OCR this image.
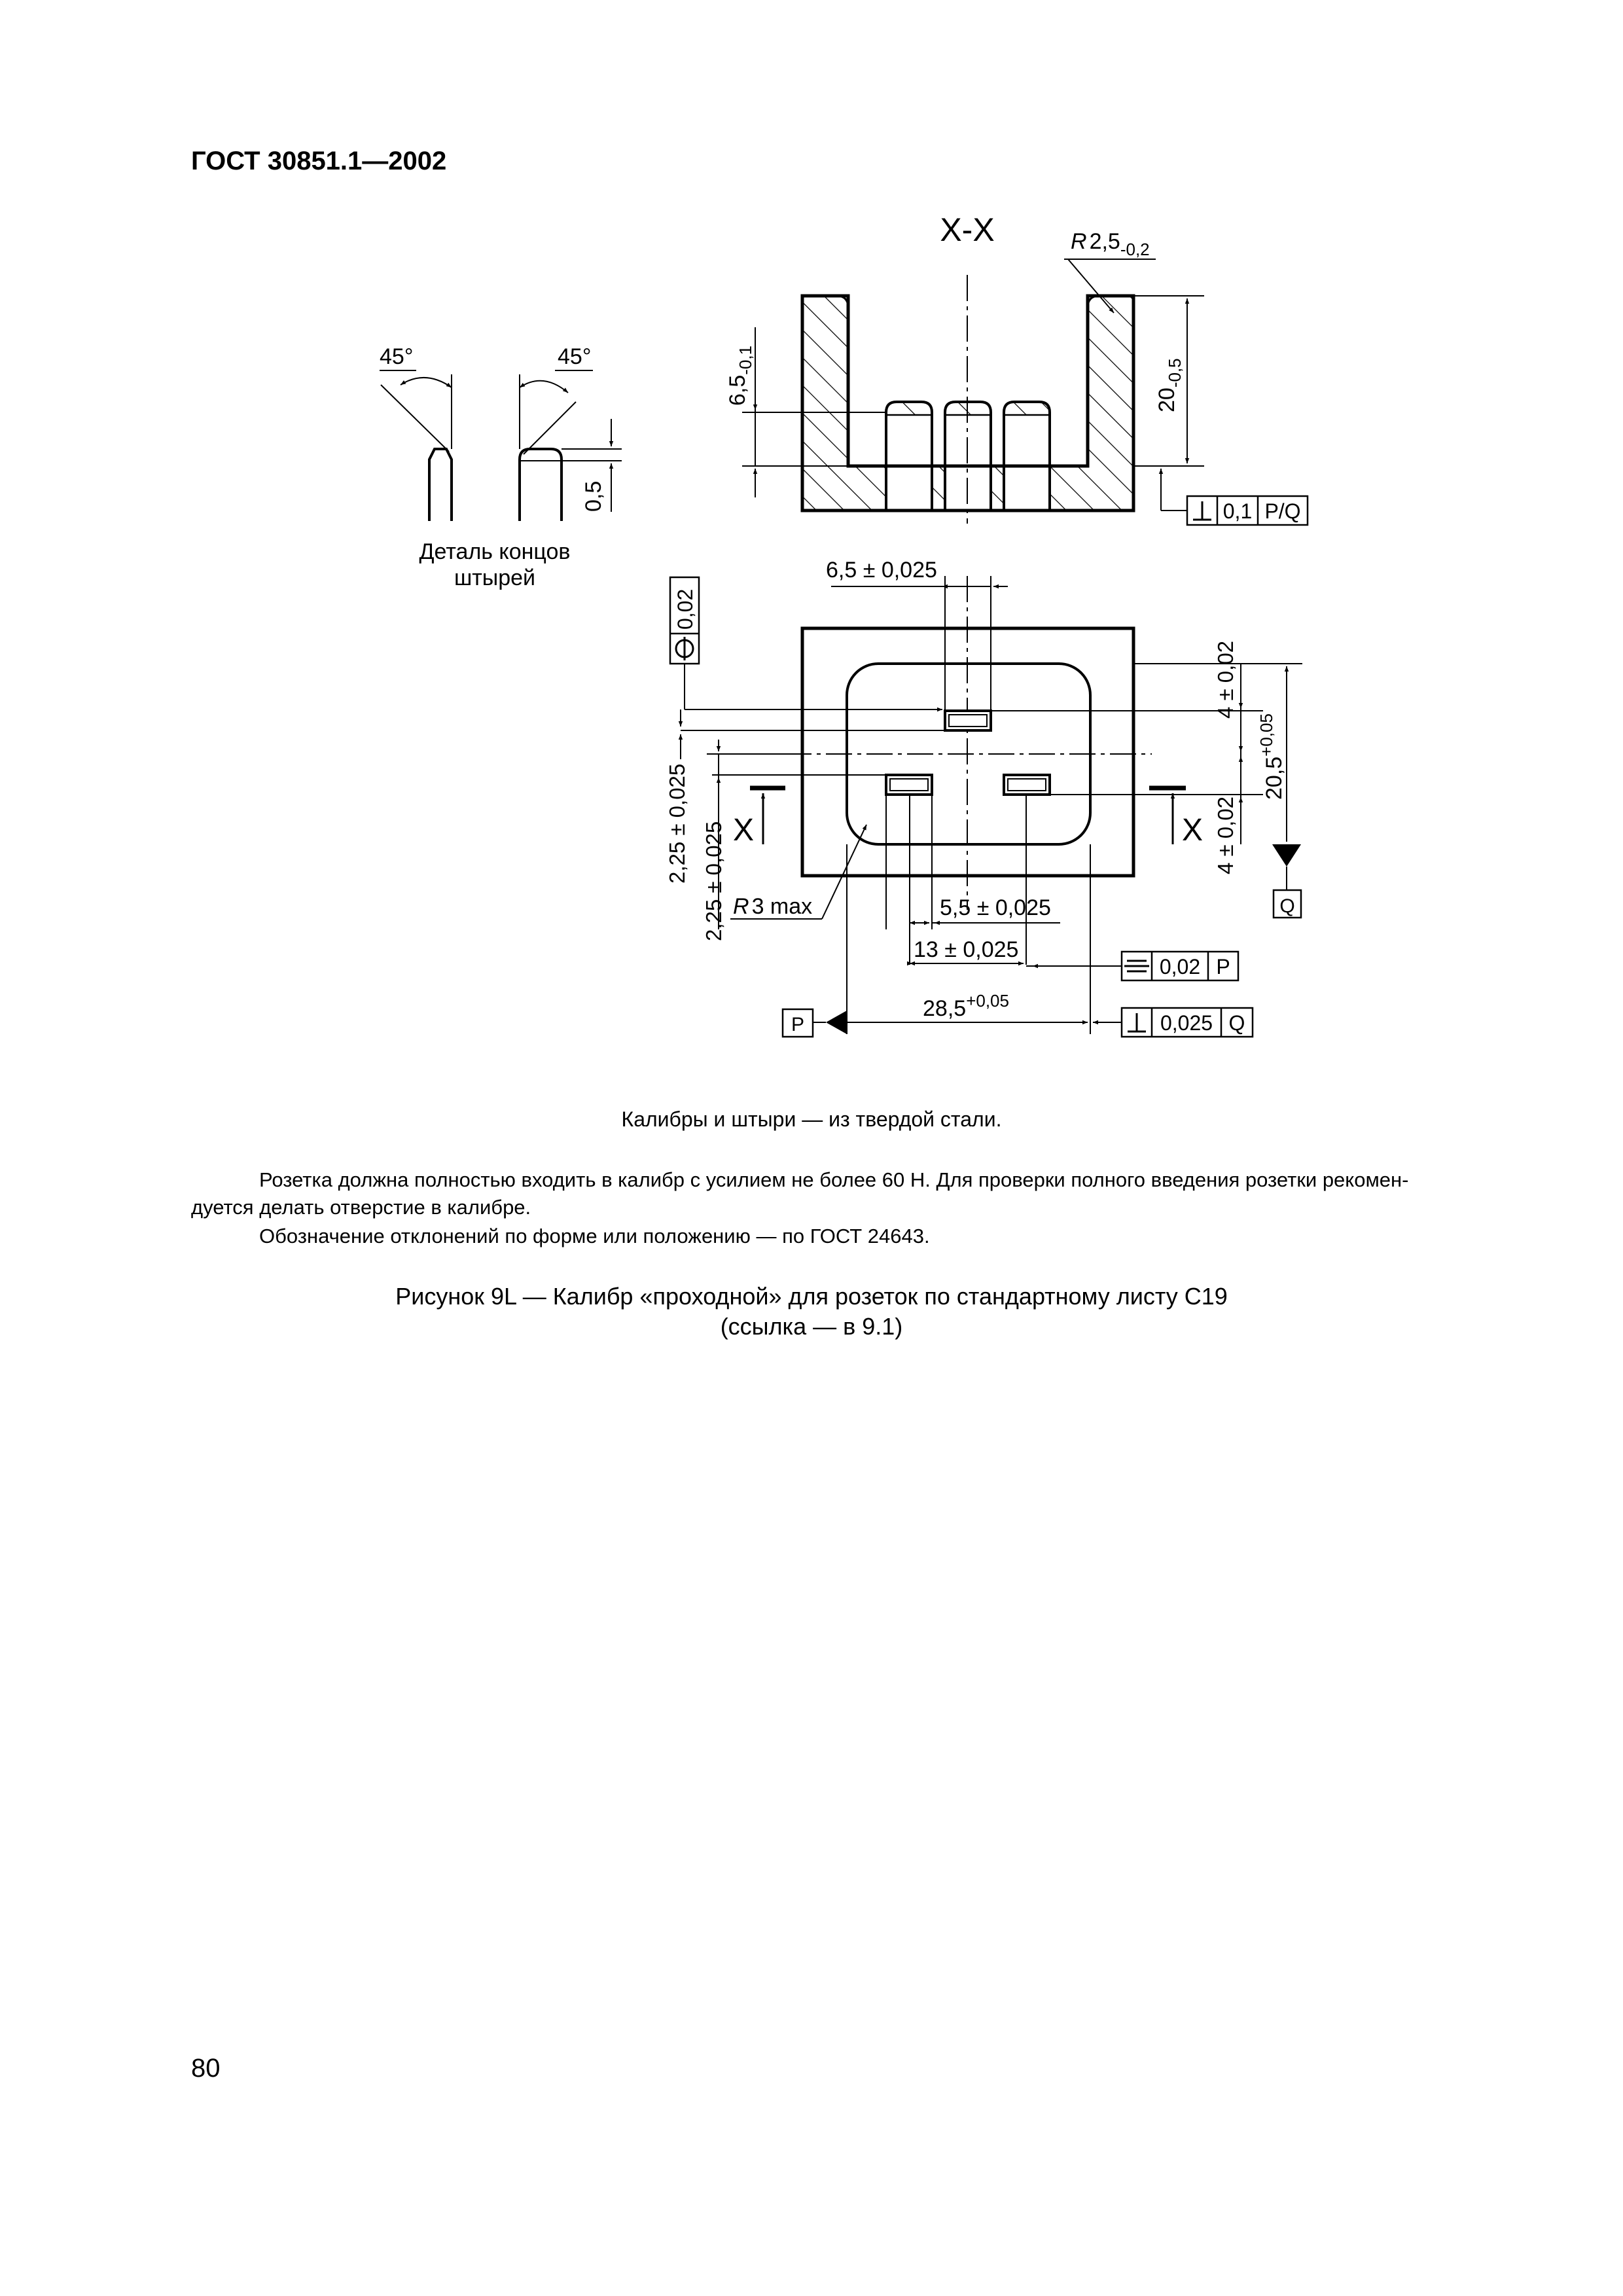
ГОСТ 30851.1—2002
X-X	R $2,5_{-0,2}$
$20_{-0,5}$
$6,5_{-0,1}$
0,1 P/Q
45°	45°
0,5
Деталь концов
штырей	6,5 ± 0,025
0,02
2,25 ± 0,025 2,25 ± 0,025 X	X
4 ± 0,02
4 ± 0,02
$20,5^{+0,05}$
Q
R 3 max	5,5 ± 0,025
13 ± 0,025
0,02 P
$28,5^{+0,05}$
P	0,025 Q
Калибры и штыри — из твердой стали.
Розетка должна полностью входить в калибр с усилием не более 60 Н. Для проверки полного введения розетки рекомен-
дуется делать отверстие в калибре.
Обозначение отклонений по форме или положению — по ГОСТ 24643.
Рисунок 9L — Калибр «проходной» для розеток по стандартному листу С19
(ссылка — в 9.1)
80
